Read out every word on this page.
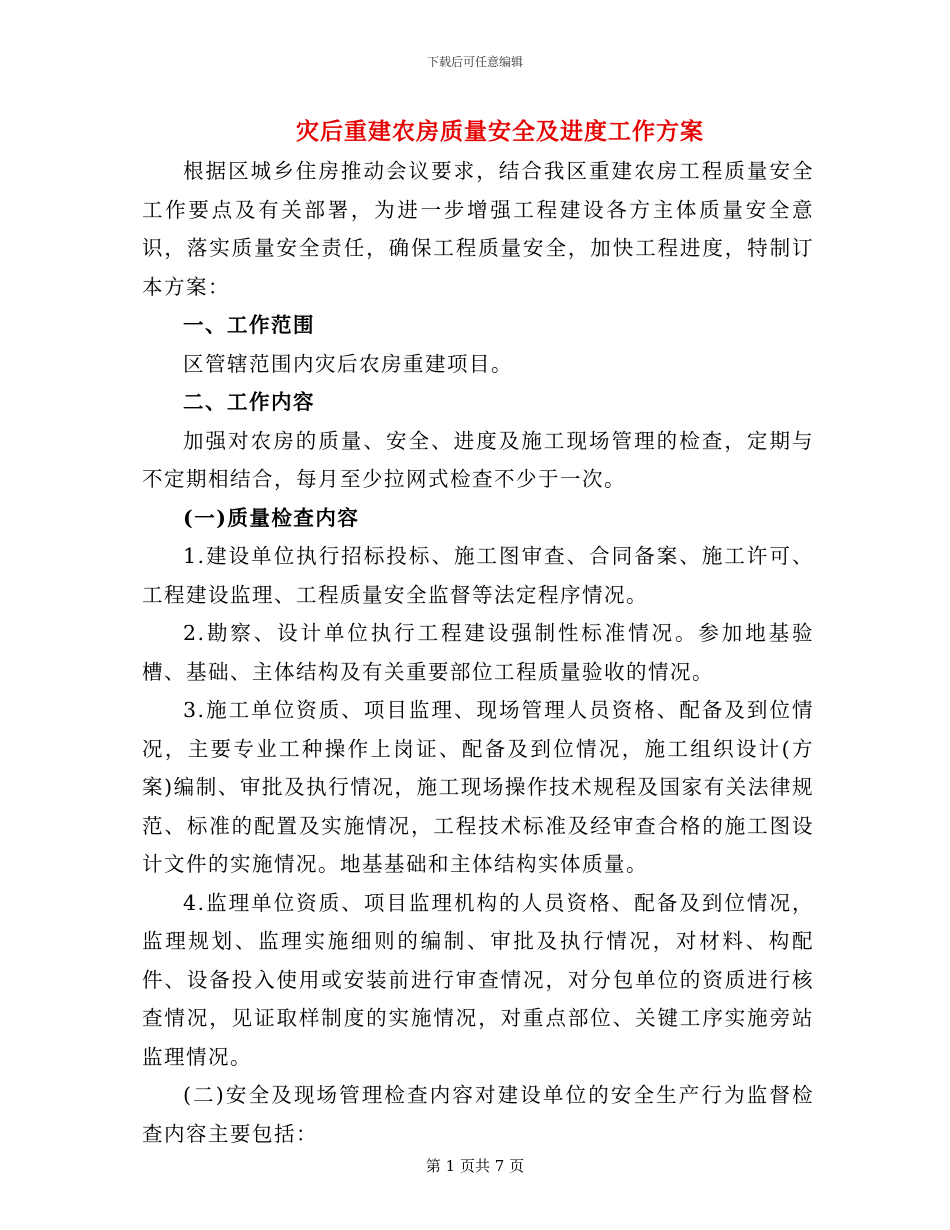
下载后可任意编辑
灾后重建农房质量安全及进度工作方案

根据区城乡住房推动会议要求，结合我区重建农房工程质量安全工作要点及有关部署，为进一步增强工程建设各方主体质量安全意识，落实质量安全责任，确保工程质量安全，加快工程进度，特制订本方案：

一、工作范围

区管辖范围内灾后农房重建项目。

二、工作内容

加强对农房的质量、安全、进度及施工现场管理的检查，定期与不定期相结合，每月至少拉网式检查不少于一次。

(一)质量检查内容

1.建设单位执行招标投标、施工图审查、合同备案、施工许可、工程建设监理、工程质量安全监督等法定程序情况。

2.勘察、设计单位执行工程建设强制性标准情况。参加地基验槽、基础、主体结构及有关重要部位工程质量验收的情况。

3.施工单位资质、项目监理、现场管理人员资格、配备及到位情况，主要专业工种操作上岗证、配备及到位情况，施工组织设计(方案)编制、审批及执行情况，施工现场操作技术规程及国家有关法律规范、标准的配置及实施情况，工程技术标准及经审查合格的施工图设计文件的实施情况。地基基础和主体结构实体质量。

4.监理单位资质、项目监理机构的人员资格、配备及到位情况，监理规划、监理实施细则的编制、审批及执行情况，对材料、构配件、设备投入使用或安装前进行审查情况，对分包单位的资质进行核查情况，见证取样制度的实施情况，对重点部位、关键工序实施旁站监理情况。

(二)安全及现场管理检查内容对建设单位的安全生产行为监督检查内容主要包括：

第 1 页共 7 页
